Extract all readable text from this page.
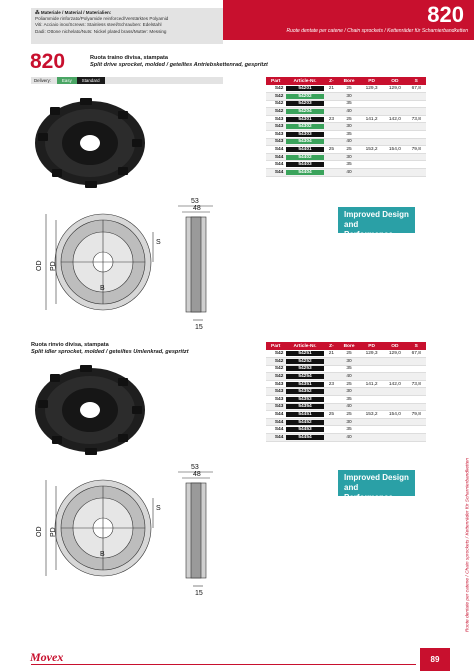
820
Ruote dentate per catene / Chain sprockets / Kettenräder für Scharnierbandketten
⁂ Materiale / Material / Materialien:
Poliammide rinforzato/Polyamide reinforced/Verstärktes Polyamid
Viti: Acciaio inox/Screws: Stainless steel/Schrauben: Edelstahl
Dadi: Ottone nichelato/Nuts: Nickel plated brass/Mutter: Messing
820	Ruota traino divisa, stampata
Split drive sprocket, molded / geteiltes Antriebskettenrad, gespritzt
Delivery:	Easy	Standard	Part	Article-Nr.	Z-	Bore	PD	OD	S
S42	54201	21	25	129,3	129,0	67,8
S42	54202		30			
S42	54203		35			
S42	54204		40			
S43	54301	23	25	141,2	142,0	73,8
S43	54302		30			
S43	54303		35			
S43	54304		40			
S44	54401	25	25	153,2	154,0	79,8
S44	54402		30			
S44	54403		35			
S44	54404		40			
53
48
15
S
OD PD
B
Improved Design and Performance
Ruota rinvio divisa, stampata
Split idler sprocket, molded / geteiltes Umlenkrad, gespritzt
Part	Article-Nr.	Z-	Bore	PD	OD	S
S42	54251	21	25	129,3	129,0	67,8
S42	54252		30			
S42	54253		35			
S42	54254		40			
S43	54351	23	25	141,2	142,0	73,8
S43	54352		30			
S43	54353		35			
S43	54354		40			
S44	54451	25	25	153,2	154,0	79,8
S44	54452		30			
S44	54453		35			
S44	54454		40			
53
48
15
S
OD PD
B
Improved Design and Performance	Ruote dentate per catene / Chain sprockets / Kettenräder für Scharnierbandketten
Movex	89
